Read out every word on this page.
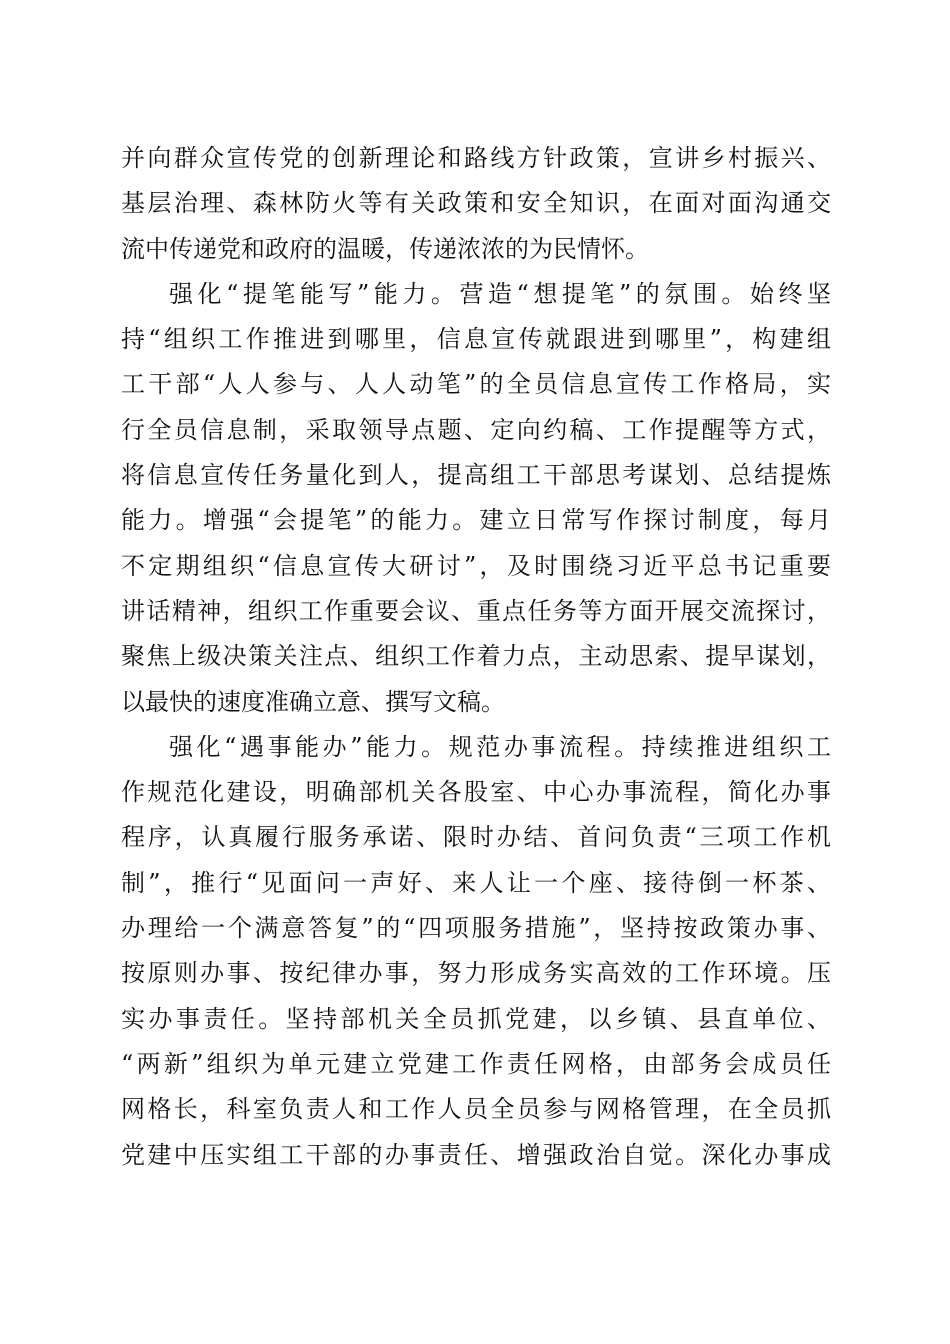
并向群众宣传党的创新理论和路线方针政策，宣讲乡村振兴、
基层治理、森林防火等有关政策和安全知识，在面对面沟通交
流中传递党和政府的温暖，传递浓浓的为民情怀。
强化“提笔能写”能力。营造“想提笔”的氛围。始终坚
持“组织工作推进到哪里，信息宣传就跟进到哪里”，构建组
工干部“人人参与、人人动笔”的全员信息宣传工作格局，实
行全员信息制，采取领导点题、定向约稿、工作提醒等方式，
将信息宣传任务量化到人，提高组工干部思考谋划、总结提炼
能力。增强“会提笔”的能力。建立日常写作探讨制度，每月
不定期组织“信息宣传大研讨”，及时围绕习近平总书记重要
讲话精神，组织工作重要会议、重点任务等方面开展交流探讨，
聚焦上级决策关注点、组织工作着力点，主动思索、提早谋划，
以最快的速度准确立意、撰写文稿。
强化“遇事能办”能力。规范办事流程。持续推进组织工
作规范化建设，明确部机关各股室、中心办事流程，简化办事
程序，认真履行服务承诺、限时办结、首问负责“三项工作机
制”，推行“见面问一声好、来人让一个座、接待倒一杯茶、
办理给一个满意答复”的“四项服务措施”，坚持按政策办事、
按原则办事、按纪律办事，努力形成务实高效的工作环境。压
实办事责任。坚持部机关全员抓党建，以乡镇、县直单位、
“两新”组织为单元建立党建工作责任网格，由部务会成员任
网格长，科室负责人和工作人员全员参与网格管理，在全员抓
党建中压实组工干部的办事责任、增强政治自觉。深化办事成
